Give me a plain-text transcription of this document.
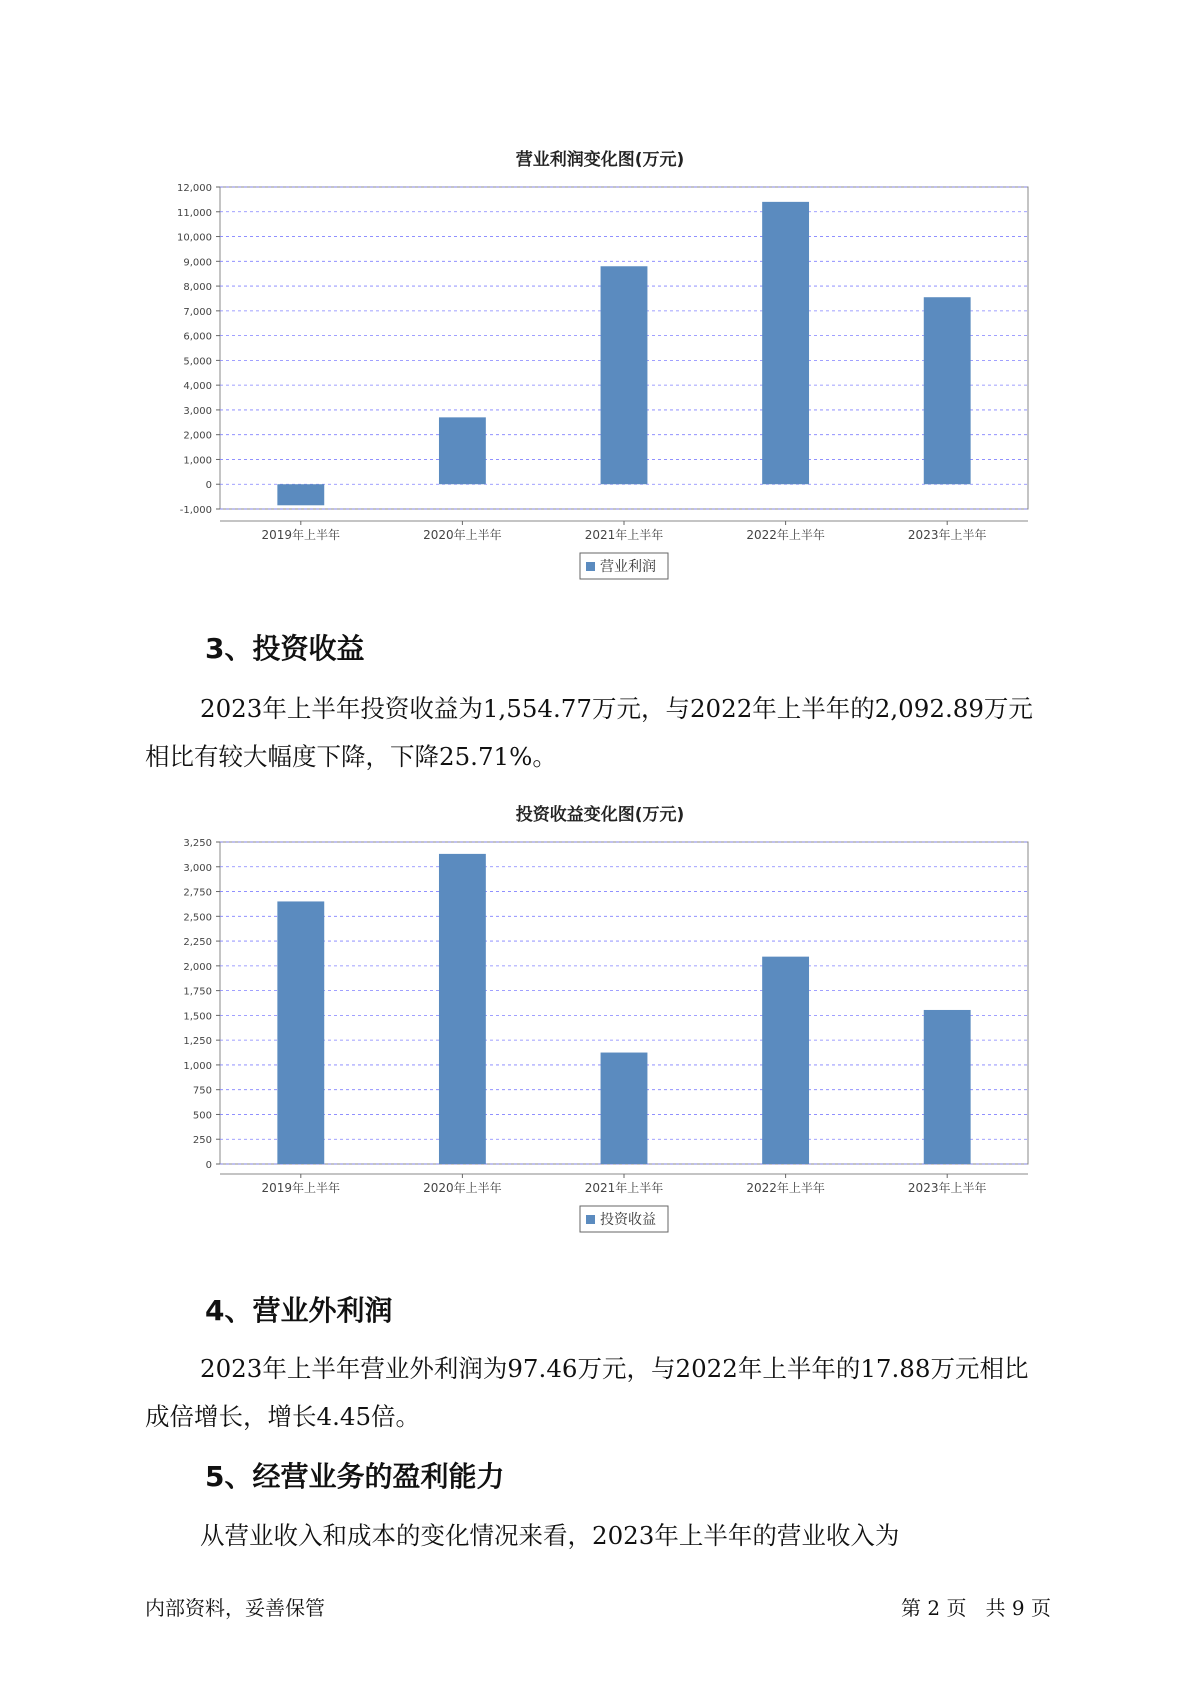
营业利润变化图(万元)
-1,000
0
1,000
2,000
3,000
4,000
5,000
6,000
7,000
8,000
9,000
10,000
11,000
12,000
2019年上半年	2020年上半年	2021年上半年	2022年上半年	2023年上半年
营业利润
3、投资收益
2023年上半年投资收益为1,554.77万元，与2022年上半年的2,092.89万元相比有较大幅度下降，下降25.71%。
投资收益变化图(万元)
0
250
500
750
1,000
1,250
1,500
1,750
2,000
2,250
2,500
2,750
3,000
3,250
2019年上半年	2020年上半年	2021年上半年	2022年上半年	2023年上半年
投资收益
4、营业外利润
2023年上半年营业外利润为97.46万元，与2022年上半年的17.88万元相比成倍增长，增长4.45倍。
5、经营业务的盈利能力
从营业收入和成本的变化情况来看，2023年上半年的营业收入为
内部资料，妥善保管	第 2 页   共 9 页
